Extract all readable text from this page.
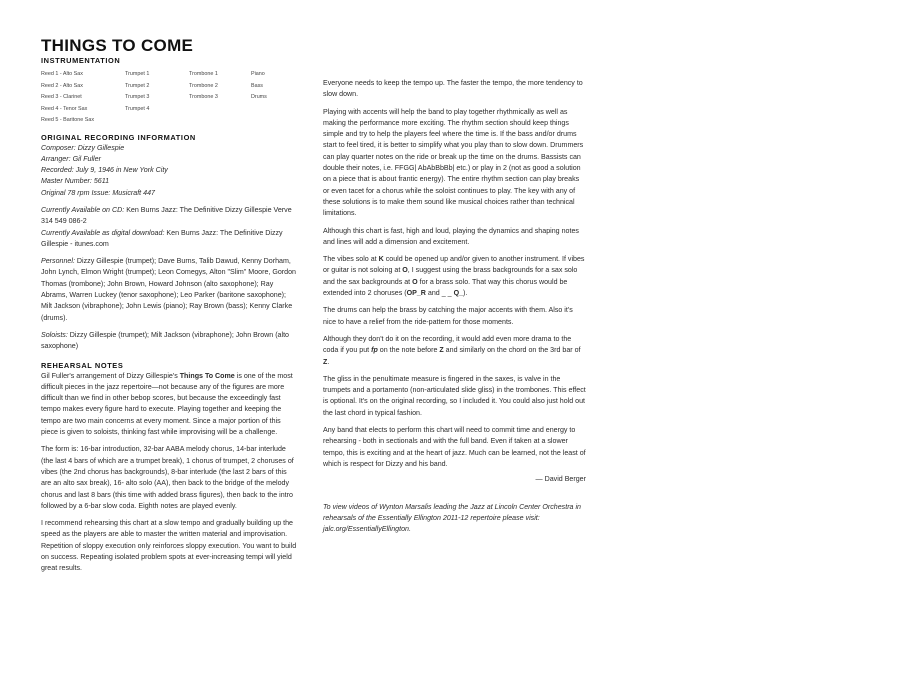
THINGS TO COME
INSTRUMENTATION
Reed 1 - Alto Sax
Reed 2 - Alto Sax
Reed 3 - Clarinet
Reed 4 - Tenor Sax
Reed 5 - Baritone Sax
Trumpet 1
Trumpet 2
Trumpet 3
Trumpet 4
Trombone 1
Trombone 2
Trombone 3
Piano
Bass
Drums
ORIGINAL RECORDING INFORMATION

Composer: Dizzy Gillespie

Arranger: Gil Fuller

Recorded: July 9, 1946 in New York City

Master Number: 5611

Original 78 rpm Issue: Musicraft 447

Currently Available on CD: Ken Burns Jazz: The Definitive Dizzy Gillespie Verve 314 549 086-2

Currently Available as digital download: Ken Burns Jazz: The Definitive Dizzy Gillespie - itunes.com

Personnel: Dizzy Gillespie (trumpet); Dave Burns, Talib Dawud, Kenny Dorham, John Lynch, Elmon Wright (trumpet); Leon Comegys, Alton "Slim" Moore, Gordon Thomas (trombone); John Brown, Howard Johnson (alto saxophone); Ray Abrams, Warren Luckey (tenor saxophone); Leo Parker (baritone saxophone); Milt Jackson (vibraphone); John Lewis (piano); Ray Brown (bass); Kenny Clarke (drums).

Soloists: Dizzy Gillespie (trumpet); Milt Jackson (vibraphone); John Brown (alto saxophone)

REHEARSAL NOTES

Gil Fuller's arrangement of Dizzy Gillespie's Things To Come is one of the most difficult pieces in the jazz repertoire—not because any of the figures are more difficult than we find in other bebop scores, but because the exceedingly fast tempo makes every figure hard to execute. Playing together and keeping the tempo are two main concerns at every moment. Since a major portion of this piece is given to soloists, thinking fast while improvising will be a challenge.

The form is: 16-bar introduction, 32-bar AABA melody chorus, 14-bar interlude (the last 4 bars of which are a trumpet break), 1 chorus of trumpet, 2 choruses of vibes (the 2nd chorus has backgrounds), 8-bar interlude (the last 2 bars of this are an alto sax break), 16- alto solo (AA), then back to the bridge of the melody chorus and last 8 bars (this time with added brass figures), then back to the intro followed by a 6-bar slow coda. Eighth notes are played evenly.

I recommend rehearsing this chart at a slow tempo and gradually building up the speed as the players are able to master the written material and improvisation. Repetition of sloppy execution only reinforces sloppy execution. You want to build on success. Repeating isolated problem spots at ever-increasing tempi will yield great results.

Everyone needs to keep the tempo up. The faster the tempo, the more tendency to slow down.

Playing with accents will help the band to play together rhythmically as well as making the performance more exciting. The rhythm section should keep things simple and try to help the players feel where the time is. If the bass and/or drums start to feel tired, it is better to simplify what you play than to slow down. Drummers can play quarter notes on the ride or break up the time on the drums. Bassists can double their notes, i.e. FFGG| AbAbBbBb| etc.) or play in 2 (not as good a solution on a piece that is about frantic energy). The entire rhythm section can play breaks or even tacet for a chorus while the soloist continues to play. The key with any of these solutions is to make them sound like musical choices rather than technical limitations.

Although this chart is fast, high and loud, playing the dynamics and shaping notes and lines will add a dimension and excitement.

The vibes solo at K could be opened up and/or given to another instrument. If vibes or guitar is not soloing at O, I suggest using the brass backgrounds for a sax solo and the sax backgrounds at O for a brass solo. That way this chorus would be extended into 2 choruses (OP_R and _ _ Q_).

The drums can help the brass by catching the major accents with them. Also it's nice to have a relief from the ride-pattern for those moments.

Although they don't do it on the recording, it would add even more drama to the coda if you put fp on the note before Z and similarly on the chord on the 3rd bar of Z.

The gliss in the penultimate measure is fingered in the saxes, is valve in the trumpets and a portamento (non-articulated slide gliss) in the trombones. This effect is optional. It's on the original recording, so I included it. You could also just hold out the last chord in typical fashion.

Any band that elects to perform this chart will need to commit time and energy to rehearsing - both in sectionals and with the full band. Even if taken at a slower tempo, this is exciting and at the heart of jazz. Much can be learned, not the least of which is respect for Dizzy and his band.

— David Berger

To view videos of Wynton Marsalis leading the Jazz at Lincoln Center Orchestra in rehearsals of the Essentially Ellington 2011-12 repertoire please visit: jalc.org/EssentiallyEllington.
